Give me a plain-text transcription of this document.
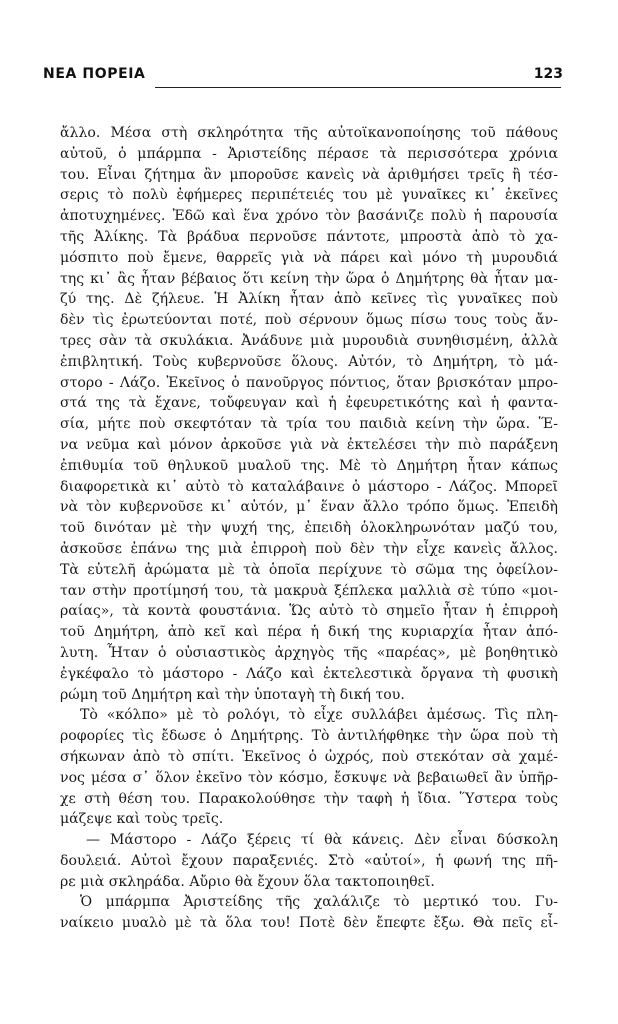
ΝΕΑ ΠΟΡΕΙΑ	123
ἄλλο. Μέσα στὴ σκληρότητα τῆς αὐτοϊκανοποίησης τοῦ πάθους
αὐτοῦ, ὁ μπάρμπα - Ἀριστείδης πέρασε τὰ περισσότερα χρόνια
του. Εἶναι ζήτημα ἂν μποροῦσε κανεὶς νὰ ἀριθμήσει τρεῖς ἢ τέσ-
σερις τὸ πολὺ ἐφήμερες περιπέτειές του μὲ γυναῖκες κι᾿ ἐκεῖνες
ἀποτυχημένες. Ἐδῶ καὶ ἕνα χρόνο τὸν βασάνιζε πολὺ ἡ παρουσία
τῆς Ἀλίκης. Τὰ βράδυα περνοῦσε πάντοτε, μπροστὰ ἀπὸ τὸ χα-
μόσπιτο ποὺ ἔμενε, θαρρεῖς γιὰ νὰ πάρει καὶ μόνο τὴ μυρουδιά
της κι᾿ ἂς ἦταν βέβαιος ὅτι κείνη τὴν ὥρα ὁ Δημήτρης θὰ ἦταν μα-
ζύ της. Δὲ ζήλευε. Ἡ Ἀλίκη ἦταν ἀπὸ κεῖνες τὶς γυναῖκες ποὺ
δὲν τὶς ἐρωτεύονται ποτέ, ποὺ σέρνουν ὅμως πίσω τους τοὺς ἄν-
τρες σὰν τὰ σκυλάκια. Ἀνάδυνε μιὰ μυρουδιὰ συνηθισμένη, ἀλλὰ
ἐπιβλητική. Τοὺς κυβερνοῦσε ὅλους. Αὐτόν, τὸ Δημήτρη, τὸ μά-
στορο - Λάζο. Ἐκεῖνος ὁ πανοῦργος πόντιος, ὅταν βρισκόταν μπρο-
στά της τὰ ἔχανε, τοὔφευγαν καὶ ἡ ἐφευρετικότης καὶ ἡ φαντα-
σία, μήτε ποὺ σκεφτόταν τὰ τρία του παιδιὰ κείνη τὴν ὥρα. Ἕ-
να νεῦμα καὶ μόνον ἀρκοῦσε γιὰ νὰ ἐκτελέσει τὴν πιὸ παράξενη
ἐπιθυμία τοῦ θηλυκοῦ μυαλοῦ της. Μὲ τὸ Δημήτρη ἦταν κάπως
διαφορετικὰ κι᾿ αὐτὸ τὸ καταλάβαινε ὁ μάστορο - Λάζος. Μπορεῖ
νὰ τὸν κυβερνοῦσε κι᾿ αὐτόν, μ᾿ ἕναν ἄλλο τρόπο ὅμως. Ἐπειδὴ
τοῦ δινόταν μὲ τὴν ψυχή της, ἐπειδὴ ὁλοκληρωνόταν μαζύ του,
ἀσκοῦσε ἐπάνω της μιὰ ἐπιρροὴ ποὺ δὲν τὴν εἶχε κανεὶς ἄλλος.
Τὰ εὐτελῆ ἀρώματα μὲ τὰ ὁποῖα περίχυνε τὸ σῶμα της ὀφείλον-
ταν στὴν προτίμησή του, τὰ μακρυὰ ξέπλεκα μαλλιὰ σὲ τύπο «μοι-
ραίας», τὰ κοντὰ φουστάνια. Ὥς αὐτὸ τὸ σημεῖο ἦταν ἡ ἐπιρροὴ
τοῦ Δημήτρη, ἀπὸ κεῖ καὶ πέρα ἡ δική της κυριαρχία ἦταν ἀπό-
λυτη. Ἦταν ὁ οὐσιαστικὸς ἀρχηγὸς τῆς «παρέας», μὲ βοηθητικὸ
ἐγκέφαλο τὸ μάστορο - Λάζο καὶ ἐκτελεστικὰ ὄργανα τὴ φυσικὴ
ρώμη τοῦ Δημήτρη καὶ τὴν ὑποταγὴ τὴ δική του.
Τὸ «κόλπο» μὲ τὸ ρολόγι, τὸ εἶχε συλλάβει ἀμέσως. Τὶς πλη-
ροφορίες τὶς ἔδωσε ὁ Δημήτρης. Τὸ ἀντιλήφθηκε τὴν ὥρα ποὺ τὴ
σήκωναν ἀπὸ τὸ σπίτι. Ἐκεῖνος ὁ ὠχρός, ποὺ στεκόταν σὰ χαμέ-
νος μέσα σ᾿ ὅλον ἐκεῖνο τὸν κόσμο, ἔσκυψε νὰ βεβαιωθεῖ ἂν ὑπῆρ-
χε στὴ θέση του. Παρακολούθησε τὴν ταφὴ ἡ ἴδια. Ὕστερα τοὺς
μάζεψε καὶ τοὺς τρεῖς.
— Μάστορο - Λάζο ξέρεις τί θὰ κάνεις. Δὲν εἶναι δύσκολη
δουλειά. Αὐτοὶ ἔχουν παραξενιές. Στὸ «αὐτοί», ἡ φωνή της πῆ-
ρε μιὰ σκληράδα. Αὔριο θὰ ἔχουν ὅλα τακτοποιηθεῖ.
Ὁ μπάρμπα Ἀριστείδης τῆς χαλάλιζε τὸ μερτικό του. Γυ-
ναίκειο μυαλὸ μὲ τὰ ὅλα του! Ποτὲ δὲν ἔπεφτε ἔξω. Θὰ πεῖς εἶ-
